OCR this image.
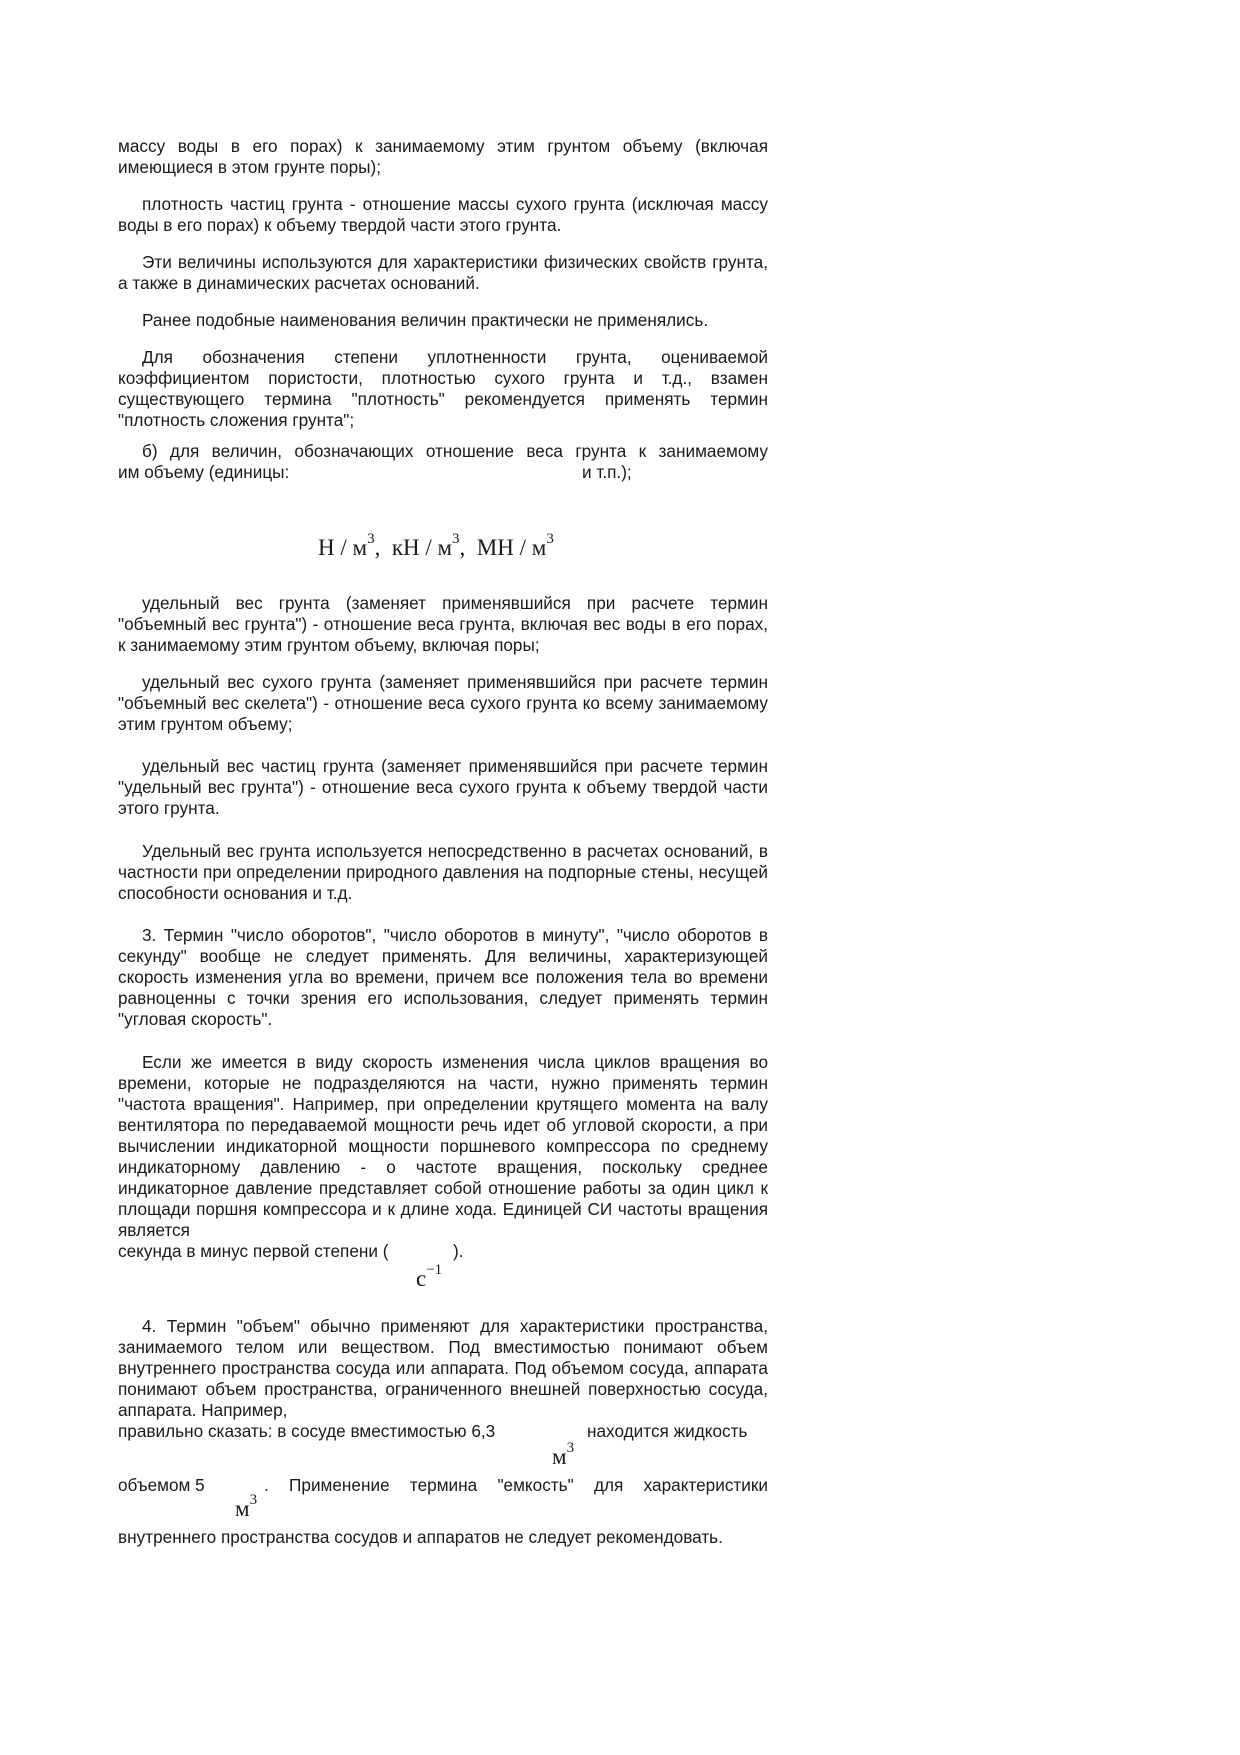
массу воды в его порах) к занимаемому этим грунтом объему (включая имеющиеся в этом грунте поры);

плотность частиц грунта - отношение массы сухого грунта (исключая массу воды в его порах) к объему твердой части этого грунта.

Эти величины используются для характеристики физических свойств грунта, а также в динамических расчетах оснований.

Ранее подобные наименования величин практически не применялись.

Для обозначения степени уплотненности грунта, оцениваемой коэффициентом пористости, плотностью сухого грунта и т.д., взамен существующего термина "плотность" рекомендуется применять термин "плотность сложения грунта";

б) для величин, обозначающих отношение веса грунта к занимаемому
им объему (единицы:	и т.п.);
Н / $м^3$, кН / $м^3$, МН / $м^3$

удельный вес грунта (заменяет применявшийся при расчете термин "объемный вес грунта") - отношение веса грунта, включая вес воды в его порах, к занимаемому этим грунтом объему, включая поры;

удельный вес сухого грунта (заменяет применявшийся при расчете термин "объемный вес скелета") - отношение веса сухого грунта ко всему занимаемому этим грунтом объему;

удельный вес частиц грунта (заменяет применявшийся при расчете термин "удельный вес грунта") - отношение веса сухого грунта к объему твердой части этого грунта.

Удельный вес грунта используется непосредственно в расчетах оснований, в частности при определении природного давления на подпорные стены, несущей способности основания и т.д.

3. Термин "число оборотов", "число оборотов в минуту", "число оборотов в секунду" вообще не следует применять. Для величины, характеризующей скорость изменения угла во времени, причем все положения тела во времени равноценны с точки зрения его использования, следует применять термин "угловая скорость".

Если же имеется в виду скорость изменения числа циклов вращения во времени, которые не подразделяются на части, нужно применять термин "частота вращения". Например, при определении крутящего момента на валу вентилятора по передаваемой мощности речь идет об угловой скорости, а при вычислении индикаторной мощности поршневого компрессора по среднему индикаторному давлению - о частоте вращения, поскольку среднее индикаторное давление представляет собой отношение работы за один цикл к площади поршня компрессора и к длине хода. Единицей СИ частоты вращения является

секунда в минус первой степени (	).
$с^{-1}$

4. Термин "объем" обычно применяют для характеристики пространства, занимаемого телом или веществом. Под вместимостью понимают объем внутреннего пространства сосуда или аппарата. Под объемом сосуда, аппарата понимают объем пространства, ограниченного внешней поверхностью сосуда, аппарата. Например,

правильно сказать: в сосуде вместимостью 6,3	находится жидкость
$м^3$
объемом 5	. Применение термина "емкость" для характеристики
$м^3$

внутреннего пространства сосудов и аппаратов не следует рекомендовать.
